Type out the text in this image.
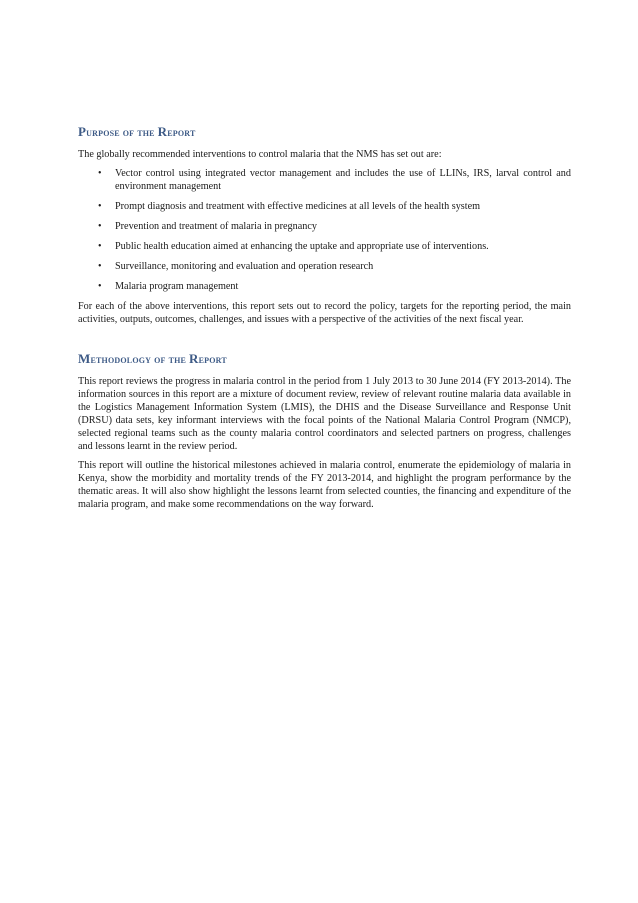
Purpose of the Report

The globally recommended interventions to control malaria that the NMS has set out are:

• Vector control using integrated vector management and includes the use of LLINs, IRS, larval control and environment management
• Prompt diagnosis and treatment with effective medicines at all levels of the health system
• Prevention and treatment of malaria in pregnancy
• Public health education aimed at enhancing the uptake and appropriate use of interventions.
• Surveillance, monitoring and evaluation and operation research
• Malaria program management

For each of the above interventions, this report sets out to record the policy, targets for the reporting period, the main activities, outputs, outcomes, challenges, and issues with a perspective of the activities of the next fiscal year.

Methodology of the Report

This report reviews the progress in malaria control in the period from 1 July 2013 to 30 June 2014 (FY 2013-2014). The information sources in this report are a mixture of document review, review of relevant routine malaria data available in the Logistics Management Information System (LMIS), the DHIS and the Disease Surveillance and Response Unit (DRSU) data sets, key informant interviews with the focal points of the National Malaria Control Program (NMCP), selected regional teams such as the county malaria control coordinators and selected partners on progress, challenges and lessons learnt in the review period.

This report will outline the historical milestones achieved in malaria control, enumerate the epidemiology of malaria in Kenya, show the morbidity and mortality trends of the FY 2013-2014, and highlight the program performance by the thematic areas. It will also show highlight the lessons learnt from selected counties, the financing and expenditure of the malaria program, and make some recommendations on the way forward.
